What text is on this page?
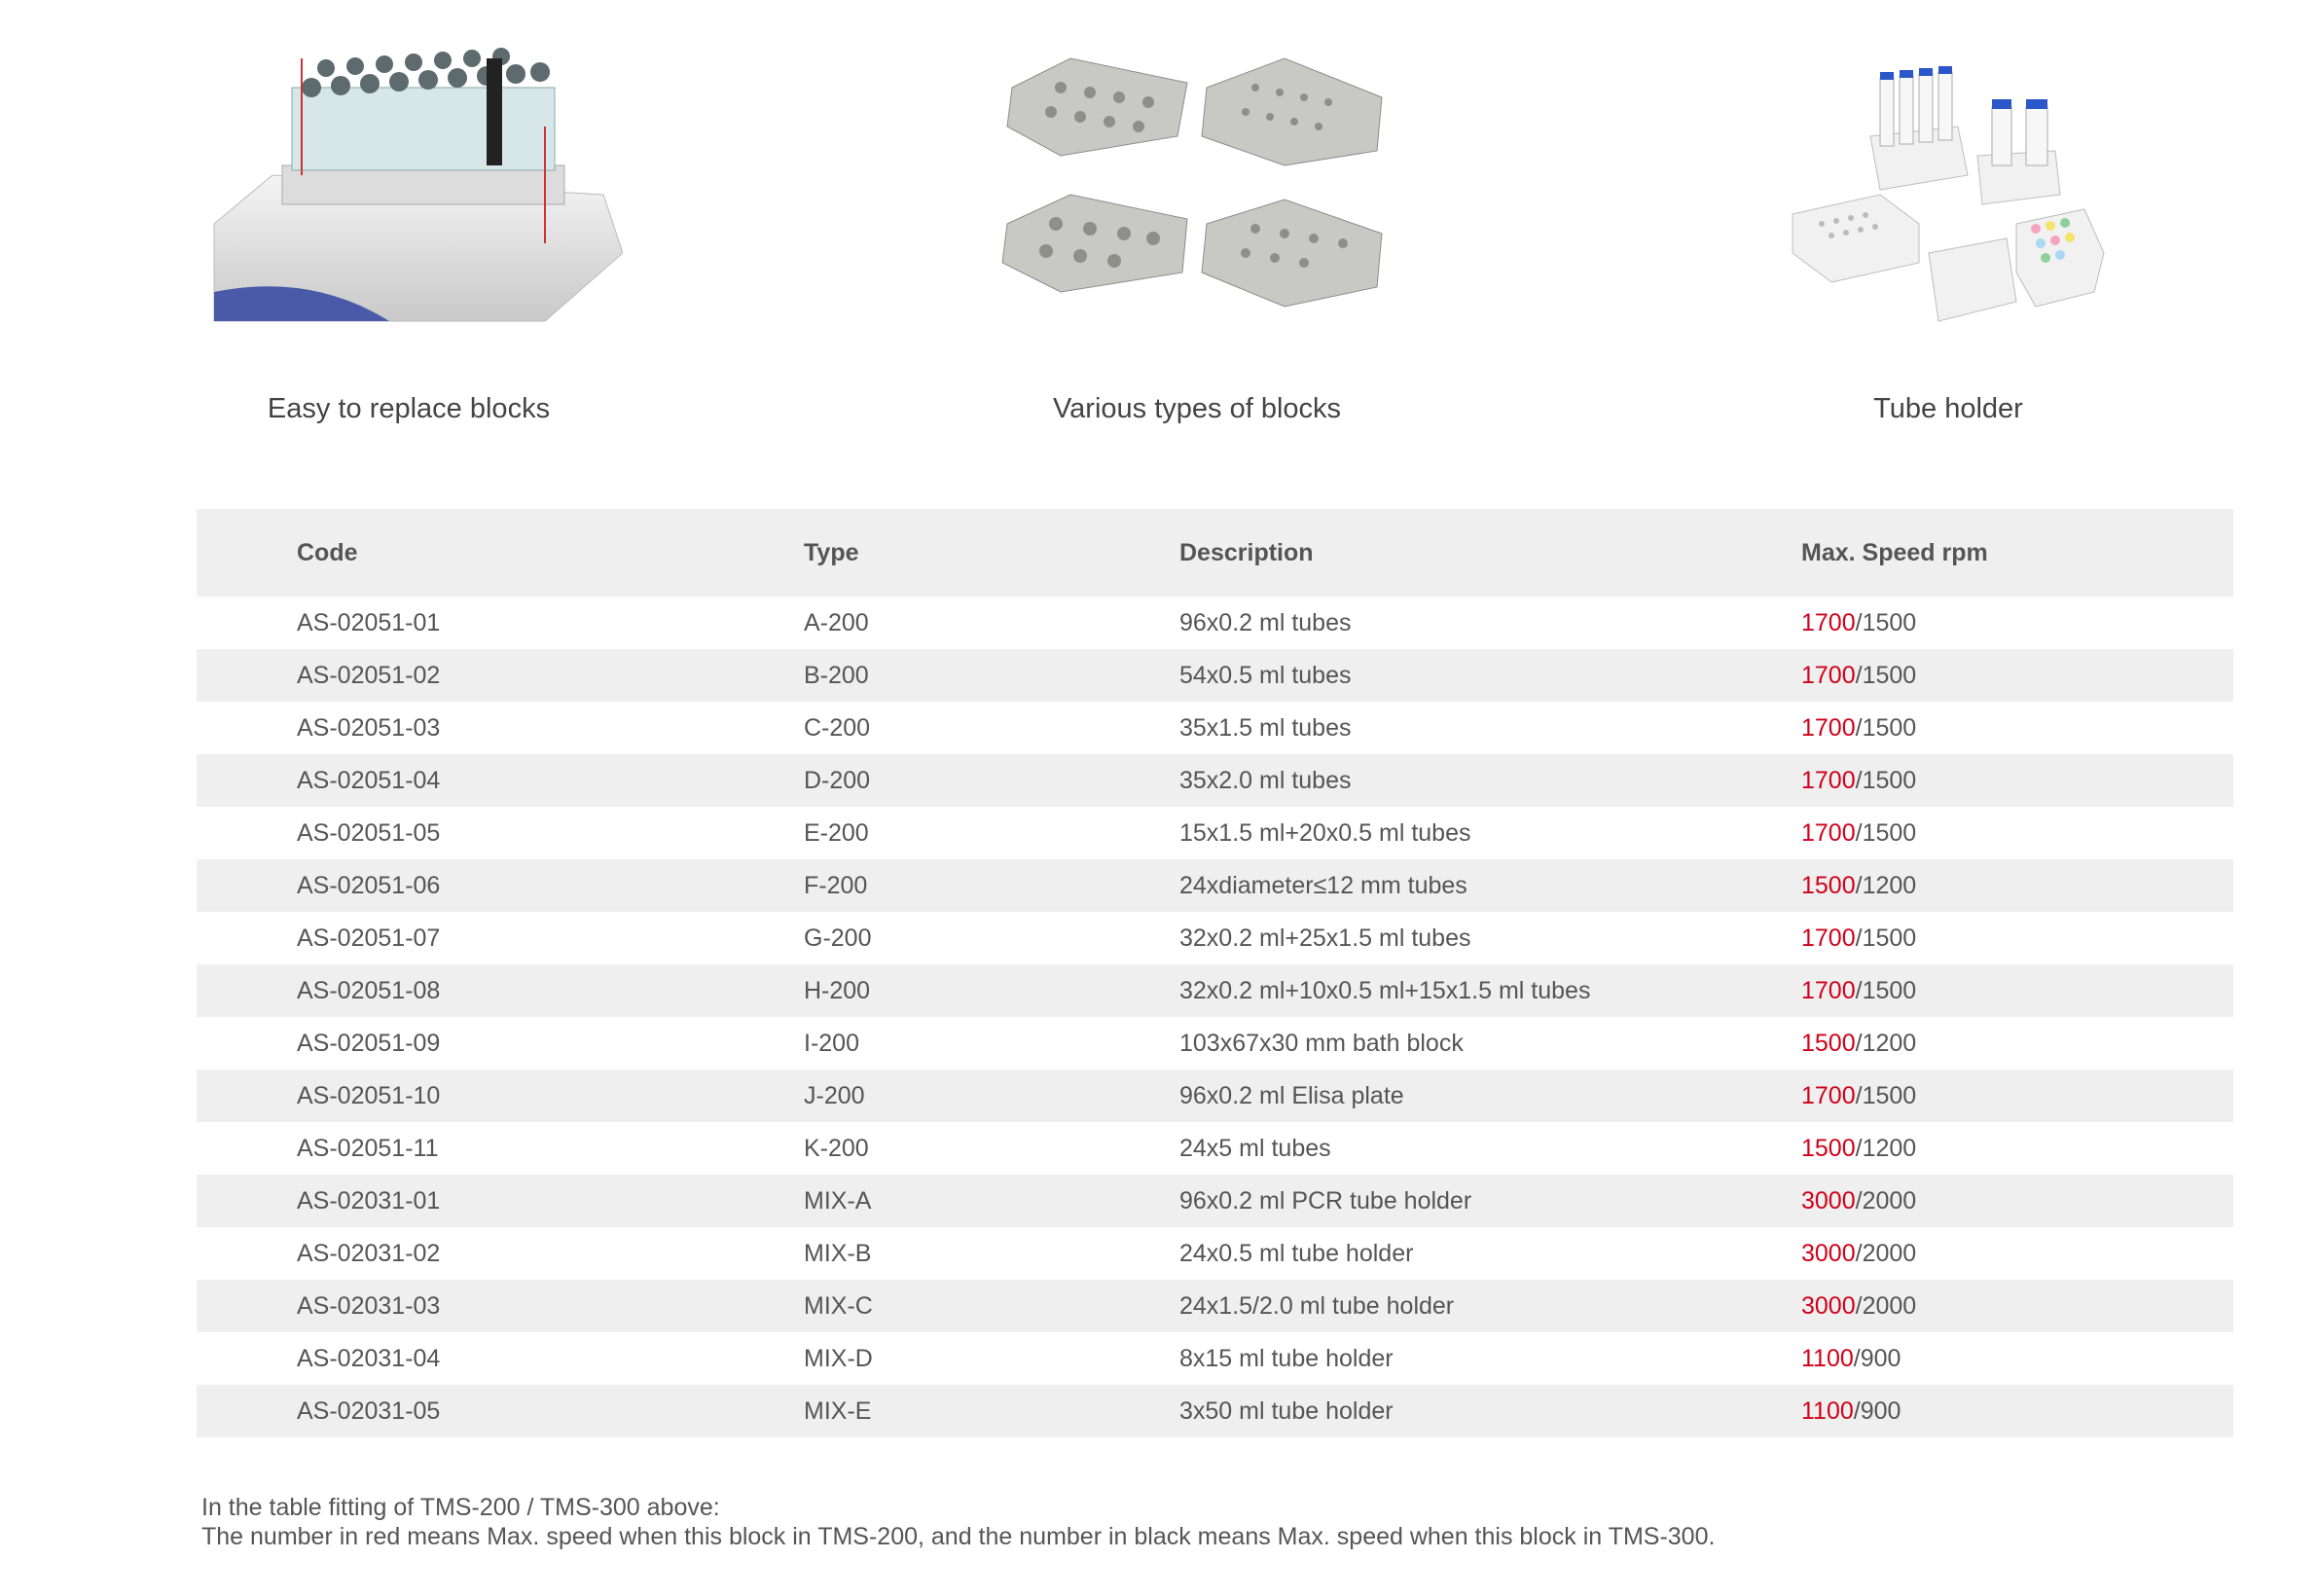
Easy to replace blocks	Various types of blocks	Tube holder
Code	Type	Description	Max. Speed rpm
AS-02051-01	A-200	96x0.2 ml tubes	1700/1500
AS-02051-02	B-200	54x0.5 ml tubes	1700/1500
AS-02051-03	C-200	35x1.5 ml tubes	1700/1500
AS-02051-04	D-200	35x2.0 ml tubes	1700/1500
AS-02051-05	E-200	15x1.5 ml+20x0.5 ml tubes	1700/1500
AS-02051-06	F-200	24xdiameter≤12 mm tubes	1500/1200
AS-02051-07	G-200	32x0.2 ml+25x1.5 ml tubes	1700/1500
AS-02051-08	H-200	32x0.2 ml+10x0.5 ml+15x1.5 ml tubes	1700/1500
AS-02051-09	I-200	103x67x30 mm bath block	1500/1200
AS-02051-10	J-200	96x0.2 ml Elisa plate	1700/1500
AS-02051-11	K-200	24x5 ml tubes	1500/1200
AS-02031-01	MIX-A	96x0.2 ml PCR tube holder	3000/2000
AS-02031-02	MIX-B	24x0.5 ml tube holder	3000/2000
AS-02031-03	MIX-C	24x1.5/2.0 ml tube holder	3000/2000
AS-02031-04	MIX-D	8x15 ml tube holder	1100/900
AS-02031-05	MIX-E	3x50 ml tube holder	1100/900
In the table fitting of TMS-200 / TMS-300 above:
The number in red means Max. speed when this block in TMS-200, and the number in black means Max. speed when this block in TMS-300.
